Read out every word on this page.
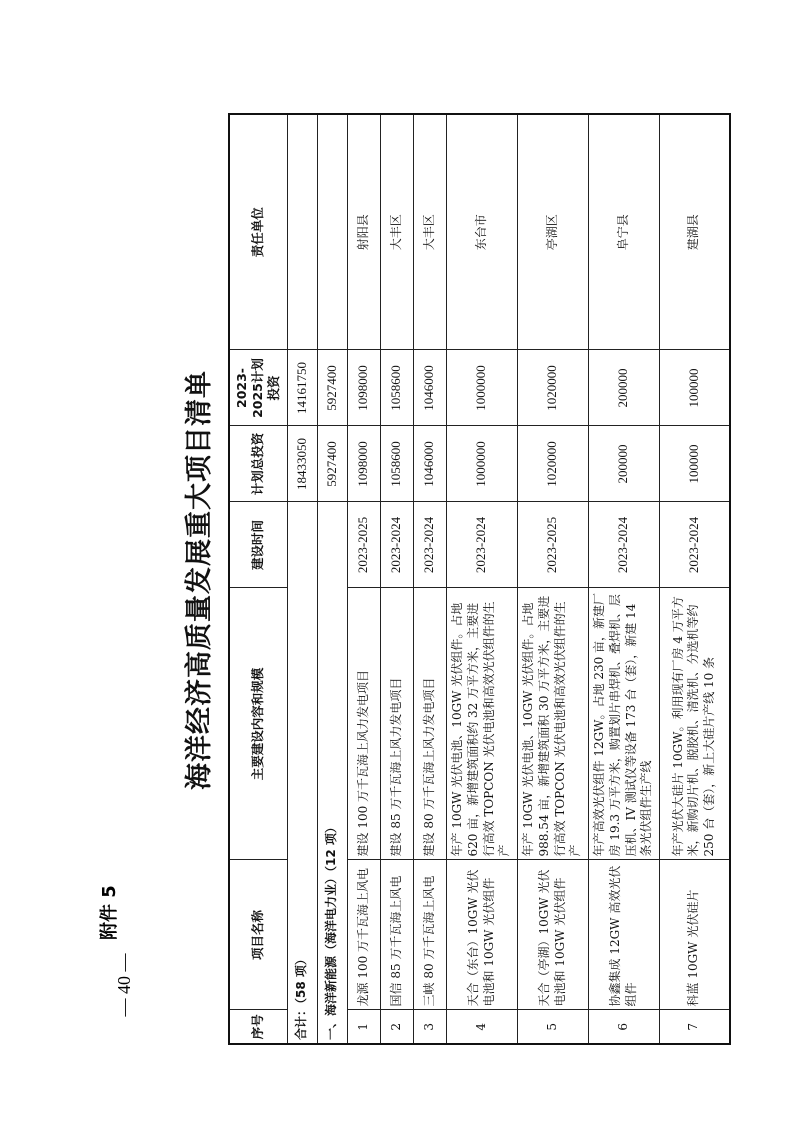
— 40 —
附件 5
海洋经济高质量发展重大项目清单
序号	项目名称	主要建设内容和规模	建设时间	计划总投资	2023-2025计划投资	责任单位
合计：（58 项）				18433050	14161750	
一、海洋新能源（海洋电力业）（12 项）				5927400	5927400	
1	龙源 100 万千瓦海上风电	建设 100 万千瓦海上风力发电项目	2023-2025	1098000	1098000	射阳县
2	国信 85 万千瓦海上风电	建设 85 万千瓦海上风力发电项目	2023-2024	1058600	1058600	大丰区
3	三峡 80 万千瓦海上风电	建设 80 万千瓦海上风力发电项目	2023-2024	1046000	1046000	大丰区
4	天合（东台）10GW 光伏电池和 10GW 光伏组件	年产 10GW 光伏电池、10GW 光伏组件。占地 620 亩，新增建筑面积约 32 万平方米，主要进行高效 TOPCON 光伏电池和高效光伏组件的生产	2023-2024	1000000	1000000	东台市
5	天合（亭湖）10GW 光伏电池和 10GW 光伏组件	年产 10GW 光伏电池、10GW 光伏组件。占地 988.54 亩，新增建筑面积 30 万平方米，主要进行高效 TOPCON 光伏电池和高效光伏组件的生产	2023-2025	1020000	1020000	亭湖区
6	协鑫集成 12GW 高效光伏组件	年产高效光伏组件 12GW。占地 230 亩，新建厂房 19.3 万平方米，购置划片串焊机、叠焊机、层压机、IV 测试仪等设备 173 台（套），新建 14 条光伏组件生产线	2023-2024	200000	200000	阜宁县
7	科蓝 10GW 光伏硅片	年产光伏大硅片 10GW。利用现有厂房 4 万平方米，新购切片机、脱胶机、清洗机、分选机等约 250 台（套），新上大硅片产线 10 条	2023-2024	100000	100000	建湖县
